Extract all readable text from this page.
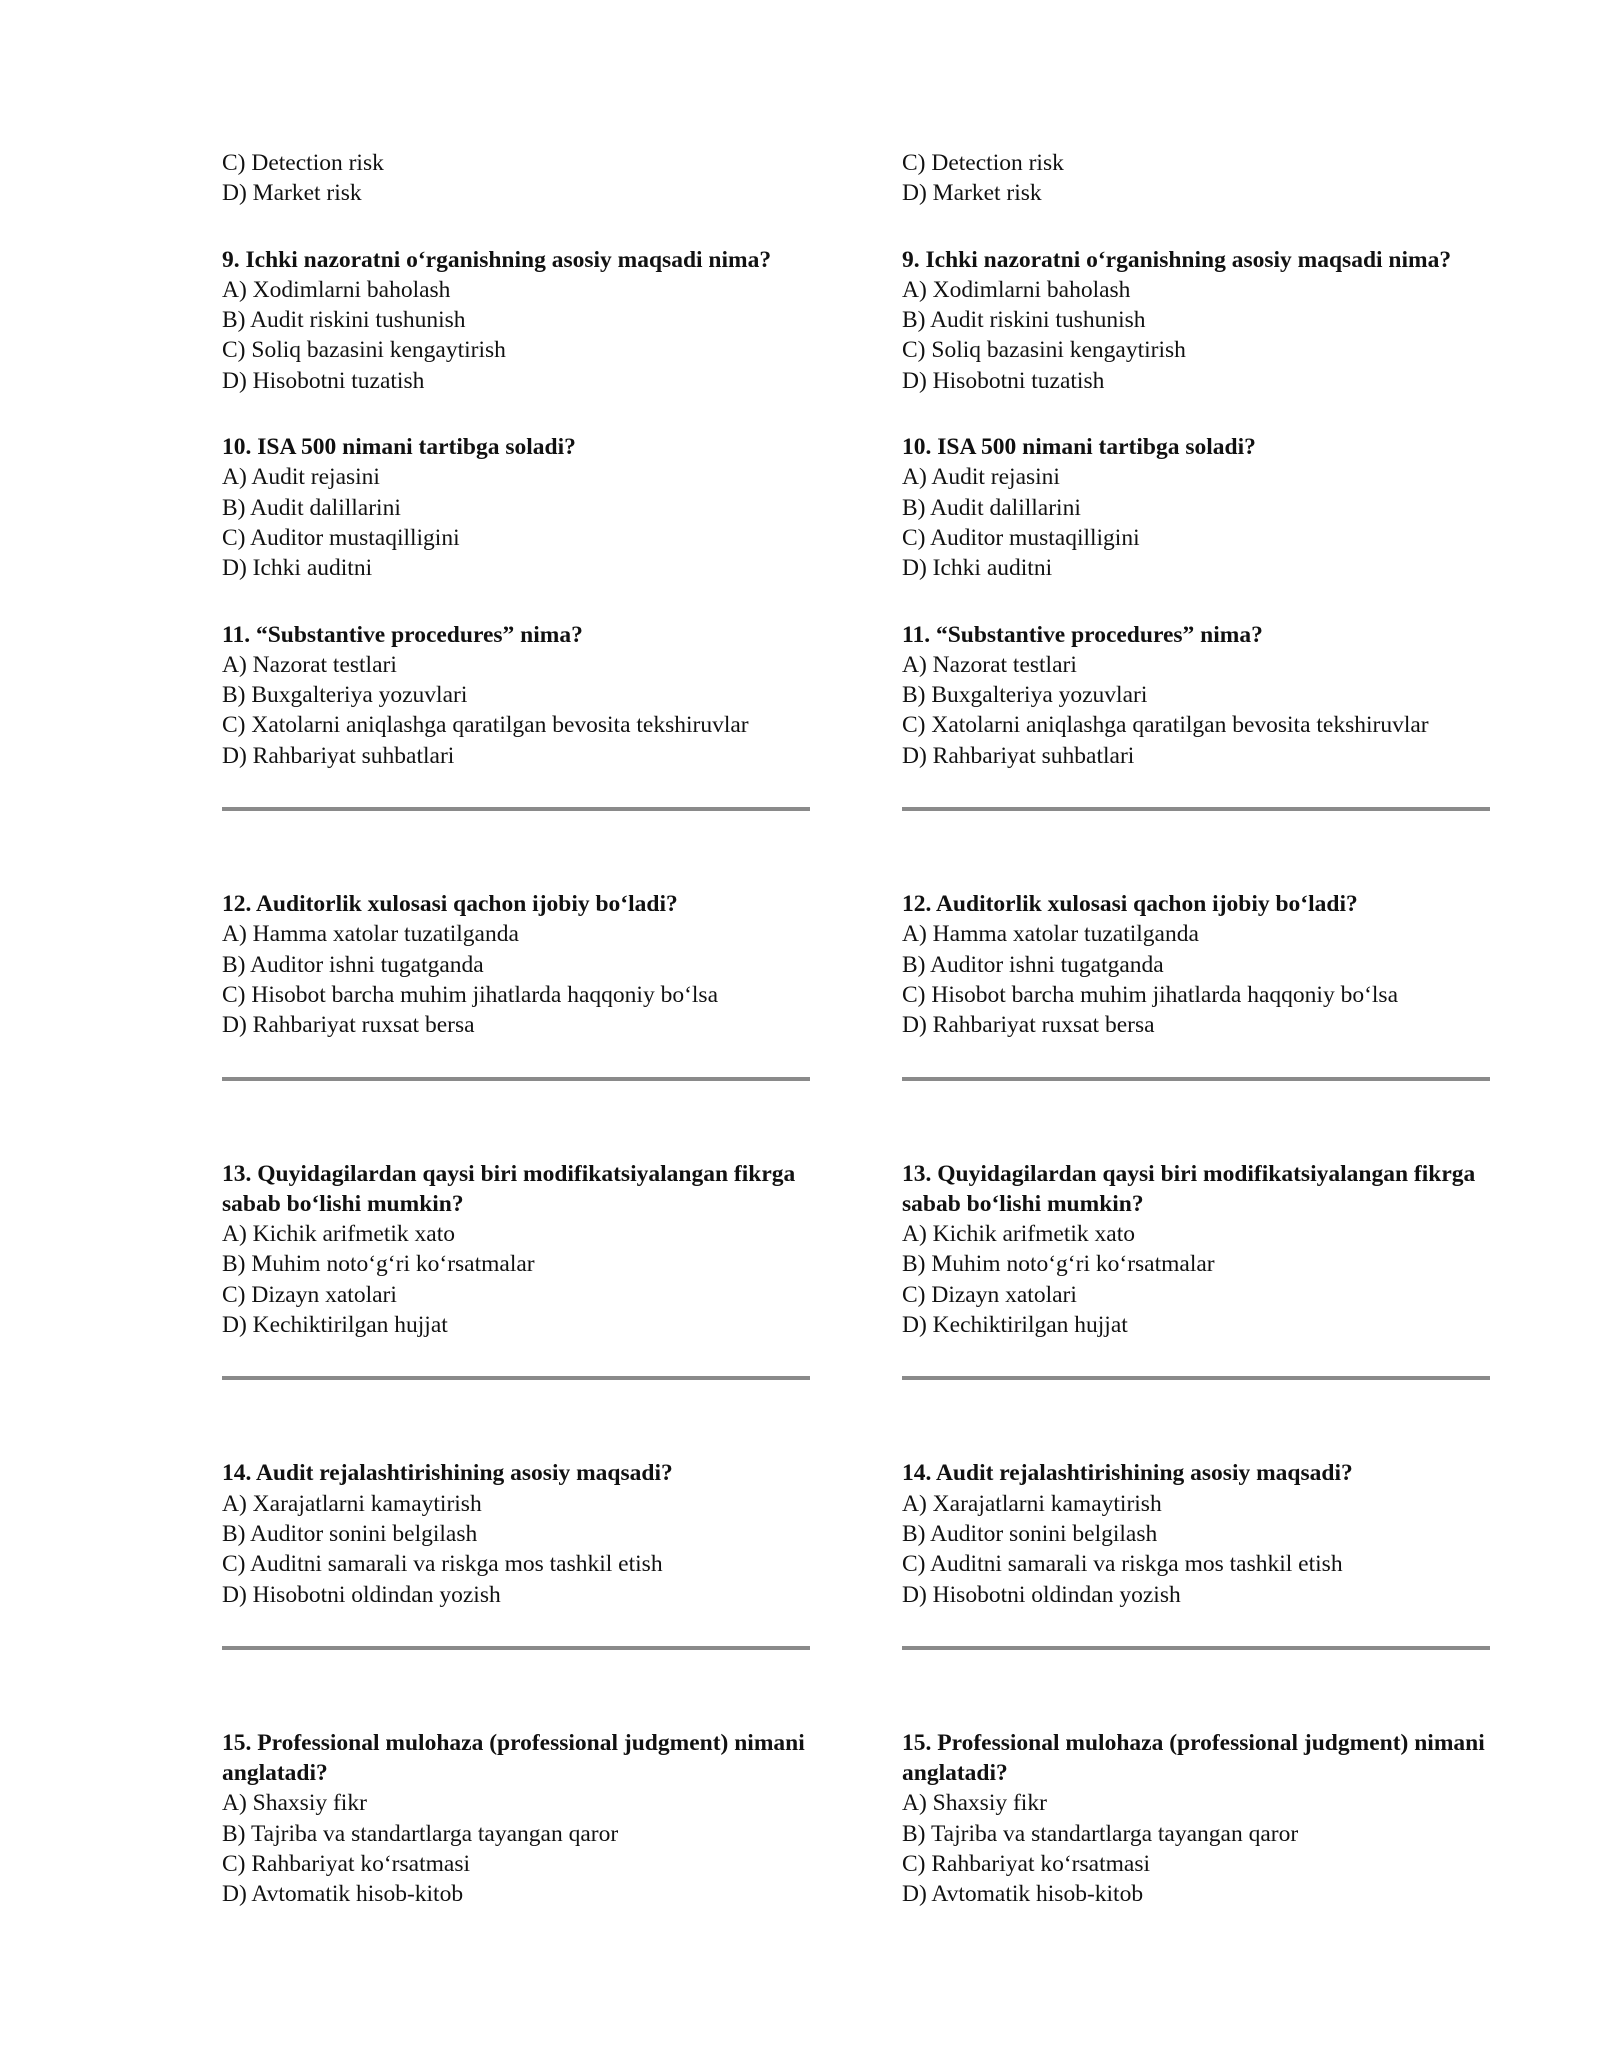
C) Detection risk
D) Market risk
9. Ichki nazoratni o‘rganishning asosiy maqsadi nima?
A) Xodimlarni baholash
B) Audit riskini tushunish
C) Soliq bazasini kengaytirish
D) Hisobotni tuzatish
10. ISA 500 nimani tartibga soladi?
A) Audit rejasini
B) Audit dalillarini
C) Auditor mustaqilligini
D) Ichki auditni
11. “Substantive procedures” nima?
A) Nazorat testlari
B) Buxgalteriya yozuvlari
C) Xatolarni aniqlashga qaratilgan bevosita tekshiruvlar
D) Rahbariyat suhbatlari
12. Auditorlik xulosasi qachon ijobiy bo‘ladi?
A) Hamma xatolar tuzatilganda
B) Auditor ishni tugatganda
C) Hisobot barcha muhim jihatlarda haqqoniy bo‘lsa
D) Rahbariyat ruxsat bersa
13. Quyidagilardan qaysi biri modifikatsiyalangan fikrga sabab bo‘lishi mumkin?
A) Kichik arifmetik xato
B) Muhim noto‘g‘ri ko‘rsatmalar
C) Dizayn xatolari
D) Kechiktirilgan hujjat
14. Audit rejalashtirishining asosiy maqsadi?
A) Xarajatlarni kamaytirish
B) Auditor sonini belgilash
C) Auditni samarali va riskga mos tashkil etish
D) Hisobotni oldindan yozish
15. Professional mulohaza (professional judgment) nimani anglatadi?
A) Shaxsiy fikr
B) Tajriba va standartlarga tayangan qaror
C) Rahbariyat ko‘rsatmasi
D) Avtomatik hisob-kitob
C) Detection risk
D) Market risk
9. Ichki nazoratni o‘rganishning asosiy maqsadi nima?
A) Xodimlarni baholash
B) Audit riskini tushunish
C) Soliq bazasini kengaytirish
D) Hisobotni tuzatish
10. ISA 500 nimani tartibga soladi?
A) Audit rejasini
B) Audit dalillarini
C) Auditor mustaqilligini
D) Ichki auditni
11. “Substantive procedures” nima?
A) Nazorat testlari
B) Buxgalteriya yozuvlari
C) Xatolarni aniqlashga qaratilgan bevosita tekshiruvlar
D) Rahbariyat suhbatlari
12. Auditorlik xulosasi qachon ijobiy bo‘ladi?
A) Hamma xatolar tuzatilganda
B) Auditor ishni tugatganda
C) Hisobot barcha muhim jihatlarda haqqoniy bo‘lsa
D) Rahbariyat ruxsat bersa
13. Quyidagilardan qaysi biri modifikatsiyalangan fikrga sabab bo‘lishi mumkin?
A) Kichik arifmetik xato
B) Muhim noto‘g‘ri ko‘rsatmalar
C) Dizayn xatolari
D) Kechiktirilgan hujjat
14. Audit rejalashtirishining asosiy maqsadi?
A) Xarajatlarni kamaytirish
B) Auditor sonini belgilash
C) Auditni samarali va riskga mos tashkil etish
D) Hisobotni oldindan yozish
15. Professional mulohaza (professional judgment) nimani anglatadi?
A) Shaxsiy fikr
B) Tajriba va standartlarga tayangan qaror
C) Rahbariyat ko‘rsatmasi
D) Avtomatik hisob-kitob
